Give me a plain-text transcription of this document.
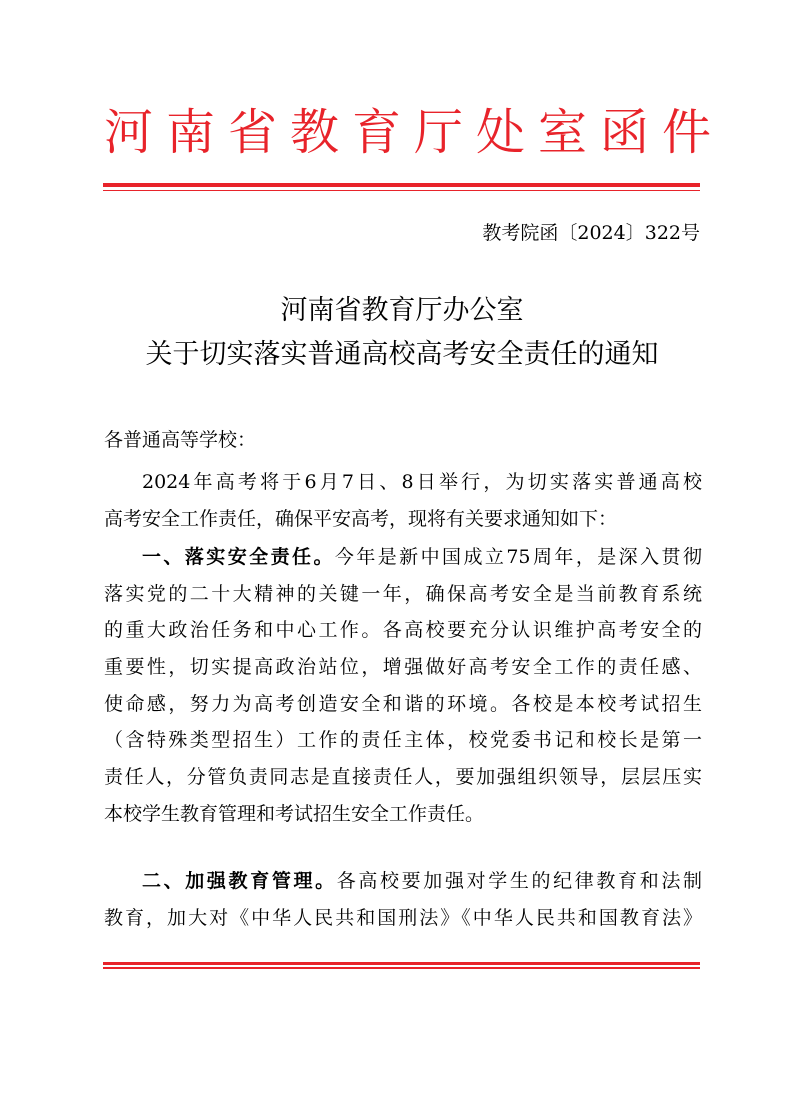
河南省教育厅处室函件
教考院函〔2024〕322号
河南省教育厅办公室
关于切实落实普通高校高考安全责任的通知
各普通高等学校：
2024年高考将于6月7日、8日举行，为切实落实普通高校
高考安全工作责任，确保平安高考，现将有关要求通知如下：
一、落实安全责任。今年是新中国成立75周年，是深入贯彻
落实党的二十大精神的关键一年，确保高考安全是当前教育系统
的重大政治任务和中心工作。各高校要充分认识维护高考安全的
重要性，切实提高政治站位，增强做好高考安全工作的责任感、
使命感，努力为高考创造安全和谐的环境。各校是本校考试招生
（含特殊类型招生）工作的责任主体，校党委书记和校长是第一
责任人，分管负责同志是直接责任人，要加强组织领导，层层压实
本校学生教育管理和考试招生安全工作责任。
二、加强教育管理。各高校要加强对学生的纪律教育和法制
教育，加大对《中华人民共和国刑法》《中华人民共和国教育法》
